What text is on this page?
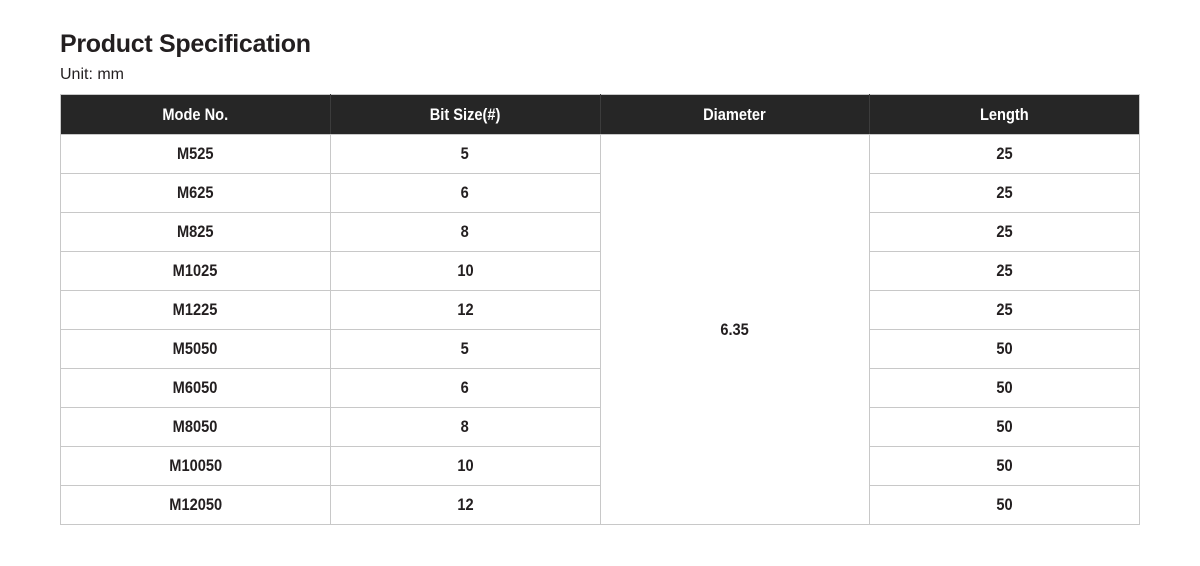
Product Specification
Unit: mm
Mode No.	Bit Size(#)	Diameter	Length
M525	5	6.35	25
M625	6		25
M825	8		25
M1025	10		25
M1225	12		25
M5050	5		50
M6050	6		50
M8050	8		50
M10050	10		50
M12050	12		50
